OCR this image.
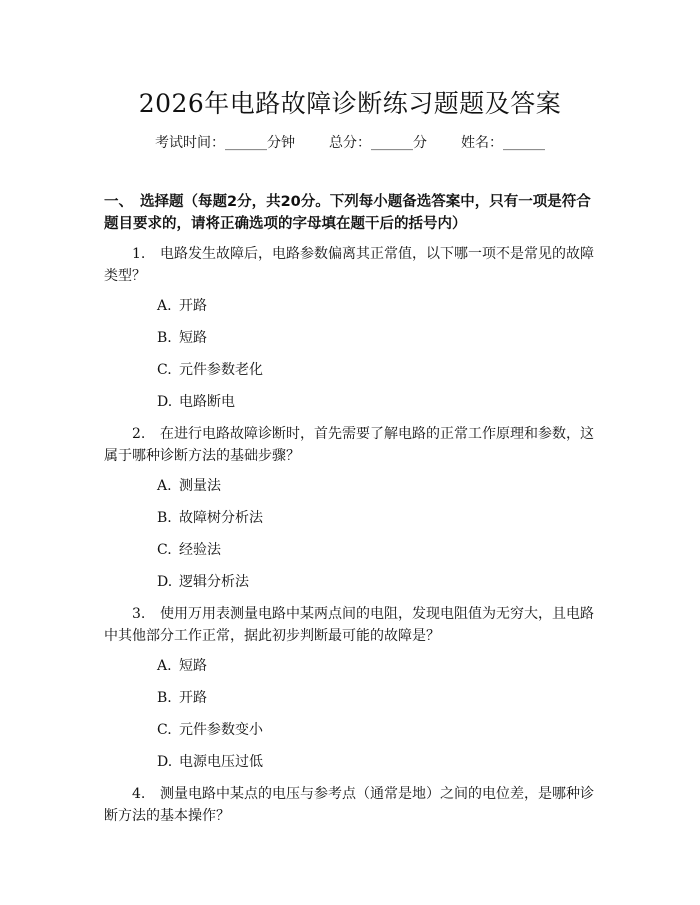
2026年电路故障诊断练习题题及答案
考试时间：______分钟 总分：______分 姓名：______
一、 选择题（每题2分，共20分。下列每小题备选答案中，只有一项是符合题目要求的，请将正确选项的字母填在题干后的括号内）
1. 电路发生故障后，电路参数偏离其正常值，以下哪一项不是常见的故障类型？
A. 开路
B. 短路
C. 元件参数老化
D. 电路断电
2. 在进行电路故障诊断时，首先需要了解电路的正常工作原理和参数，这属于哪种诊断方法的基础步骤？
A. 测量法
B. 故障树分析法
C. 经验法
D. 逻辑分析法
3. 使用万用表测量电路中某两点间的电阻，发现电阻值为无穷大，且电路中其他部分工作正常，据此初步判断最可能的故障是？
A. 短路
B. 开路
C. 元件参数变小
D. 电源电压过低
4. 测量电路中某点的电压与参考点（通常是地）之间的电位差，是哪种诊断方法的基本操作？
